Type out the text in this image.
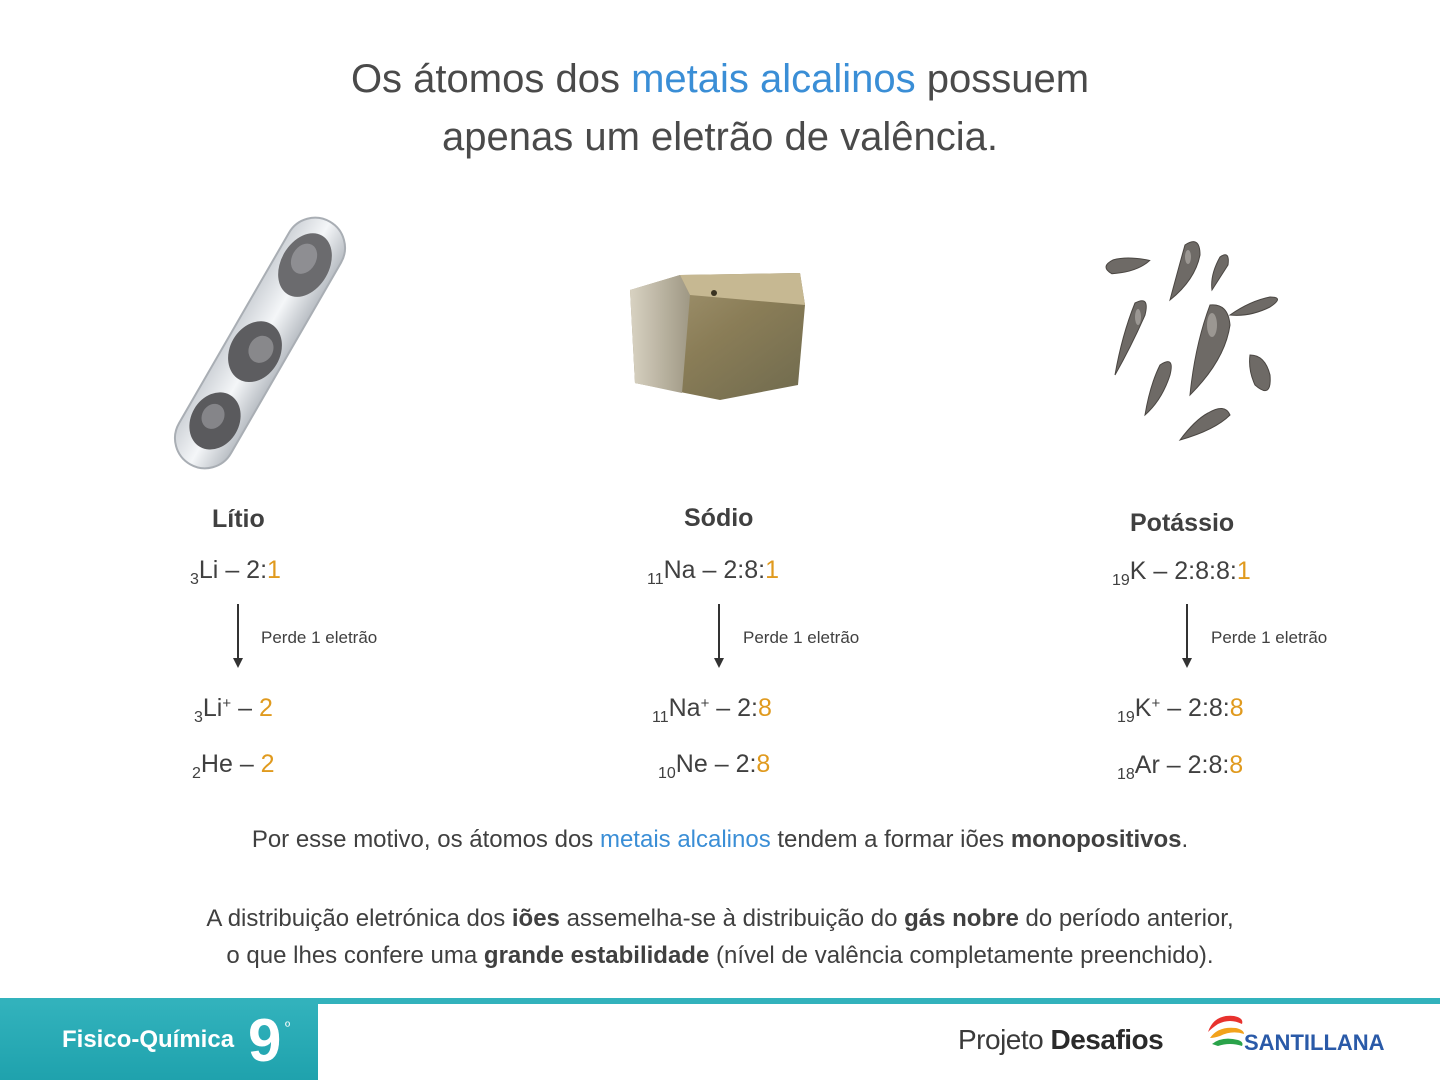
Os átomos dos metais alcalinos possuem
apenas um eletrão de valência.
Lítio
$_3$Li – 2:1
Perde 1 eletrão
$_3$Li+ – 2
$_2$He – 2
Sódio
$_{11}$Na – 2:8:1
Perde 1 eletrão
$_{11}$Na+ – 2:8
$_{10}$Ne – 2:8
Potássio
$_{19}$K – 2:8:8:1
Perde 1 eletrão
$_{19}$K+ – 2:8:8
$_{18}$Ar – 2:8:8
Por esse motivo, os átomos dos metais alcalinos tendem a formar iões monopositivos.
A distribuição eletrónica dos iões assemelha-se à distribuição do gás nobre do período anterior,
o que lhes confere uma grande estabilidade (nível de valência completamente preenchido).
Fisico-Química 9 º	Projeto Desafios	SANTILLANA
